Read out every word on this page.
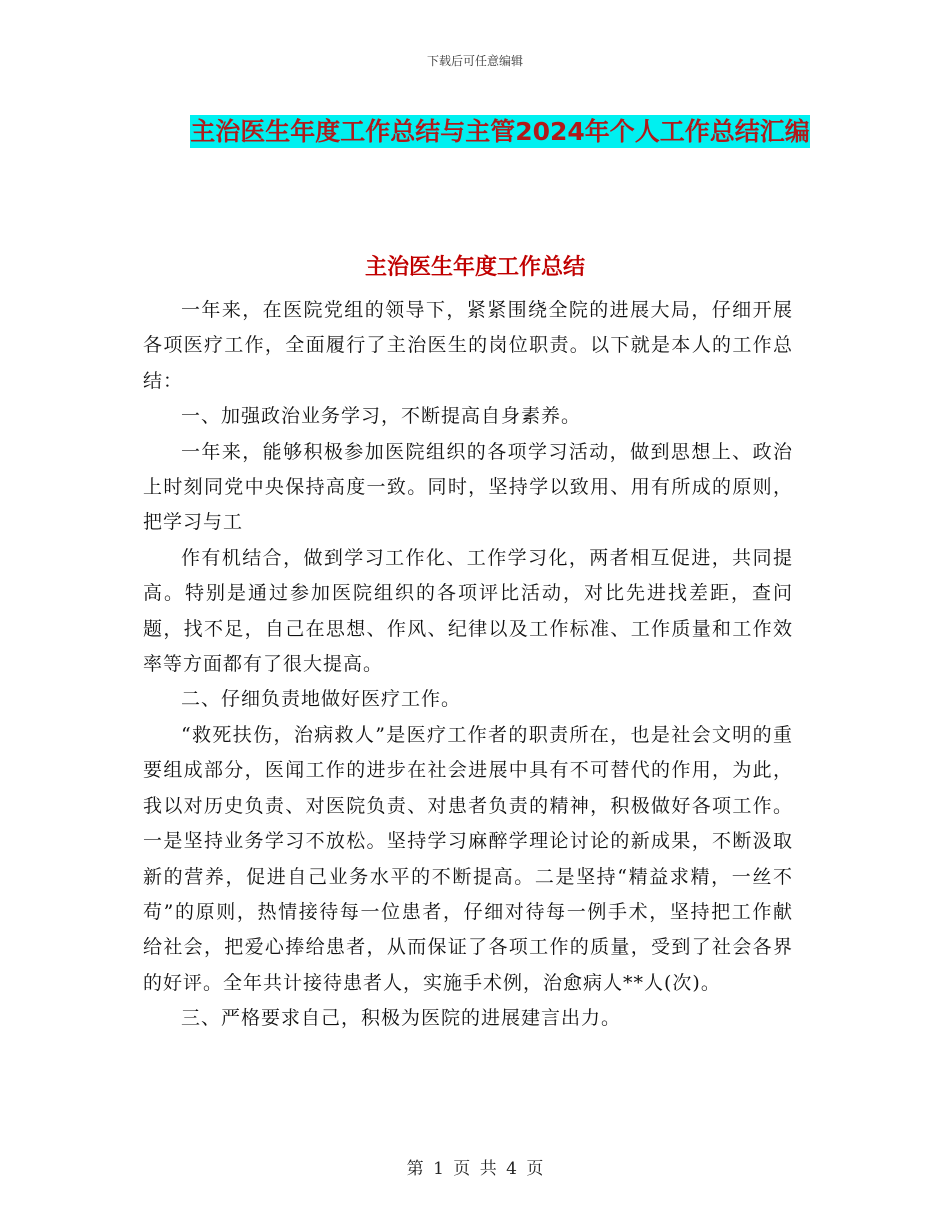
下载后可任意编辑
主治医生年度工作总结与主管2024年个人工作总结汇编
主治医生年度工作总结

一年来，在医院党组的领导下，紧紧围绕全院的进展大局，仔细开展各项医疗工作，全面履行了主治医生的岗位职责。以下就是本人的工作总结：

一、加强政治业务学习，不断提高自身素养。

一年来，能够积极参加医院组织的各项学习活动，做到思想上、政治上时刻同党中央保持高度一致。同时，坚持学以致用、用有所成的原则，把学习与工

作有机结合，做到学习工作化、工作学习化，两者相互促进，共同提高。特别是通过参加医院组织的各项评比活动，对比先进找差距，查问题，找不足，自己在思想、作风、纪律以及工作标准、工作质量和工作效率等方面都有了很大提高。

二、仔细负责地做好医疗工作。

“救死扶伤，治病救人”是医疗工作者的职责所在，也是社会文明的重要组成部分，医闻工作的进步在社会进展中具有不可替代的作用，为此，我以对历史负责、对医院负责、对患者负责的精神，积极做好各项工作。一是坚持业务学习不放松。坚持学习麻醉学理论讨论的新成果，不断汲取新的营养，促进自己业务水平的不断提高。二是坚持“精益求精，一丝不苟”的原则，热情接待每一位患者，仔细对待每一例手术，坚持把工作献给社会，把爱心捧给患者，从而保证了各项工作的质量，受到了社会各界的好评。全年共计接待患者人，实施手术例，治愈病人**人(次)。

三、严格要求自己，积极为医院的进展建言出力。

第 1 页 共 4 页
